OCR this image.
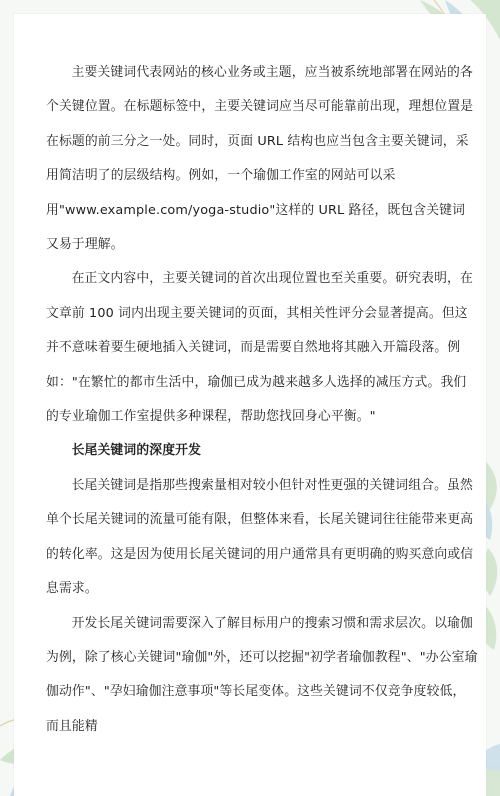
主要关键词代表网站的核心业务或主题，应当被系统地部署在网站的各个关键位置。在标题标签中，主要关键词应当尽可能靠前出现，理想位置是在标题的前三分之一处。同时，页面 URL 结构也应当包含主要关键词，采用简洁明了的层级结构。例如，一个瑜伽工作室的网站可以采用"www.example.com/yoga-studio"这样的 URL 路径，既包含关键词又易于理解。

在正文内容中，主要关键词的首次出现位置也至关重要。研究表明，在文章前 100 词内出现主要关键词的页面，其相关性评分会显著提高。但这并不意味着要生硬地插入关键词，而是需要自然地将其融入开篇段落。例如："在繁忙的都市生活中，瑜伽已成为越来越多人选择的减压方式。我们的专业瑜伽工作室提供多种课程，帮助您找回身心平衡。"

长尾关键词的深度开发

长尾关键词是指那些搜索量相对较小但针对性更强的关键词组合。虽然单个长尾关键词的流量可能有限，但整体来看，长尾关键词往往能带来更高的转化率。这是因为使用长尾关键词的用户通常具有更明确的购买意向或信息需求。

开发长尾关键词需要深入了解目标用户的搜索习惯和需求层次。以瑜伽为例，除了核心关键词"瑜伽"外，还可以挖掘"初学者瑜伽教程"、"办公室瑜伽动作"、"孕妇瑜伽注意事项"等长尾变体。这些关键词不仅竞争度较低，而且能精
